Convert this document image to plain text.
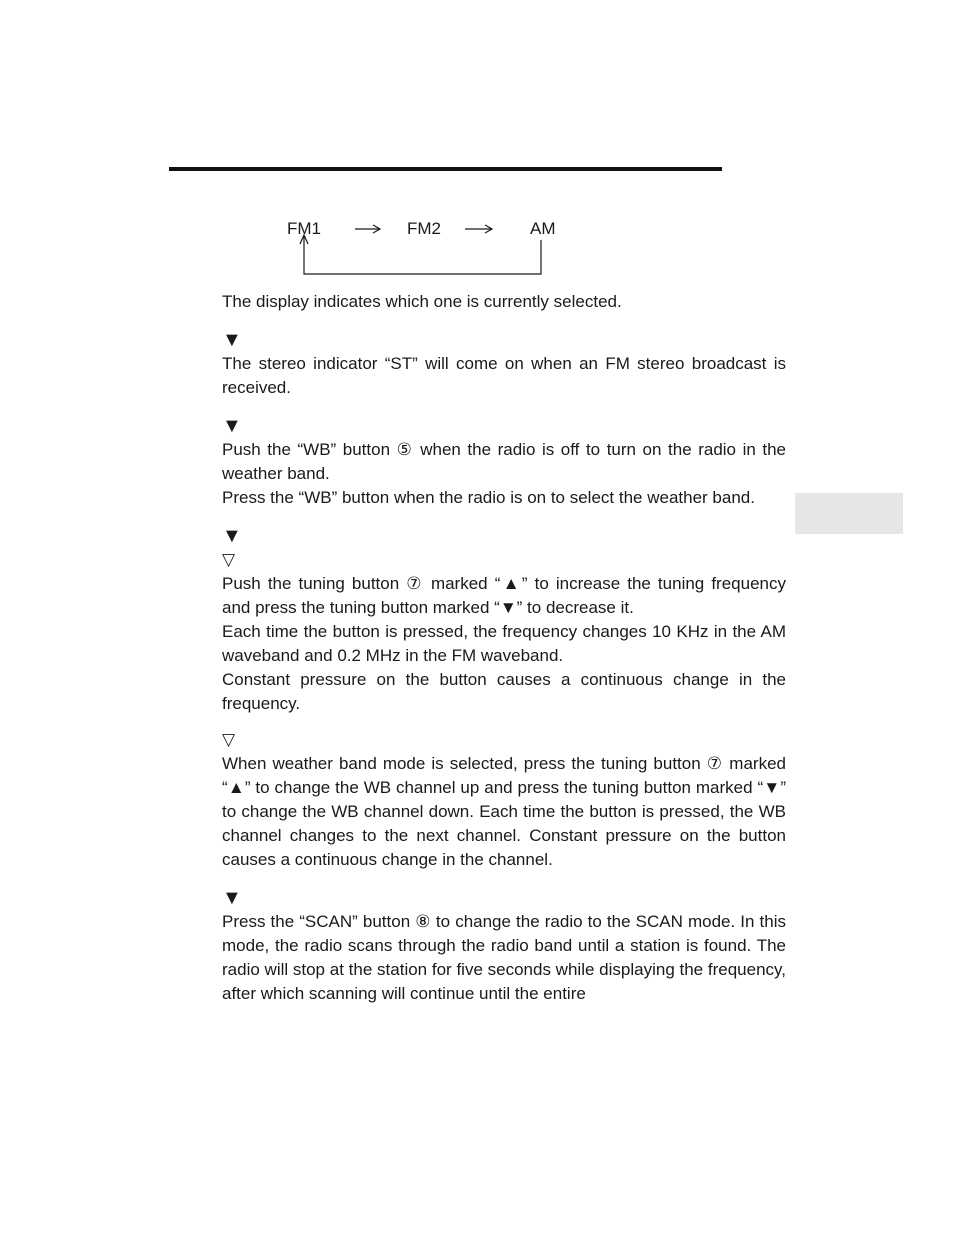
FM1	FM2	AM

The display indicates which one is currently selected.

▼

The stereo indicator “ST” will come on when an FM stereo broadcast is received.

▼

Push the “WB” button ⑤ when the radio is off to turn on the radio in the weather band.

Press the “WB” button when the radio is on to select the weather band.

▼
▽

Push the tuning button ⑦ marked “▲” to increase the tuning frequency and press the tuning button marked “▼” to decrease it.

Each time the button is pressed, the frequency changes 10 KHz in the AM waveband and 0.2 MHz in the FM waveband.

Constant pressure on the button causes a continuous change in the frequency.

▽

When weather band mode is selected, press the tuning button ⑦ marked “▲” to change the WB channel up and press the tuning button marked “▼” to change the WB channel down. Each time the button is pressed, the WB channel changes to the next channel. Constant pressure on the button causes a continuous change in the channel.

▼

Press the “SCAN” button ⑧ to change the radio to the SCAN mode. In this mode, the radio scans through the radio band until a station is found. The radio will stop at the station for five seconds while displaying the frequency, after which scanning will continue until the entire
